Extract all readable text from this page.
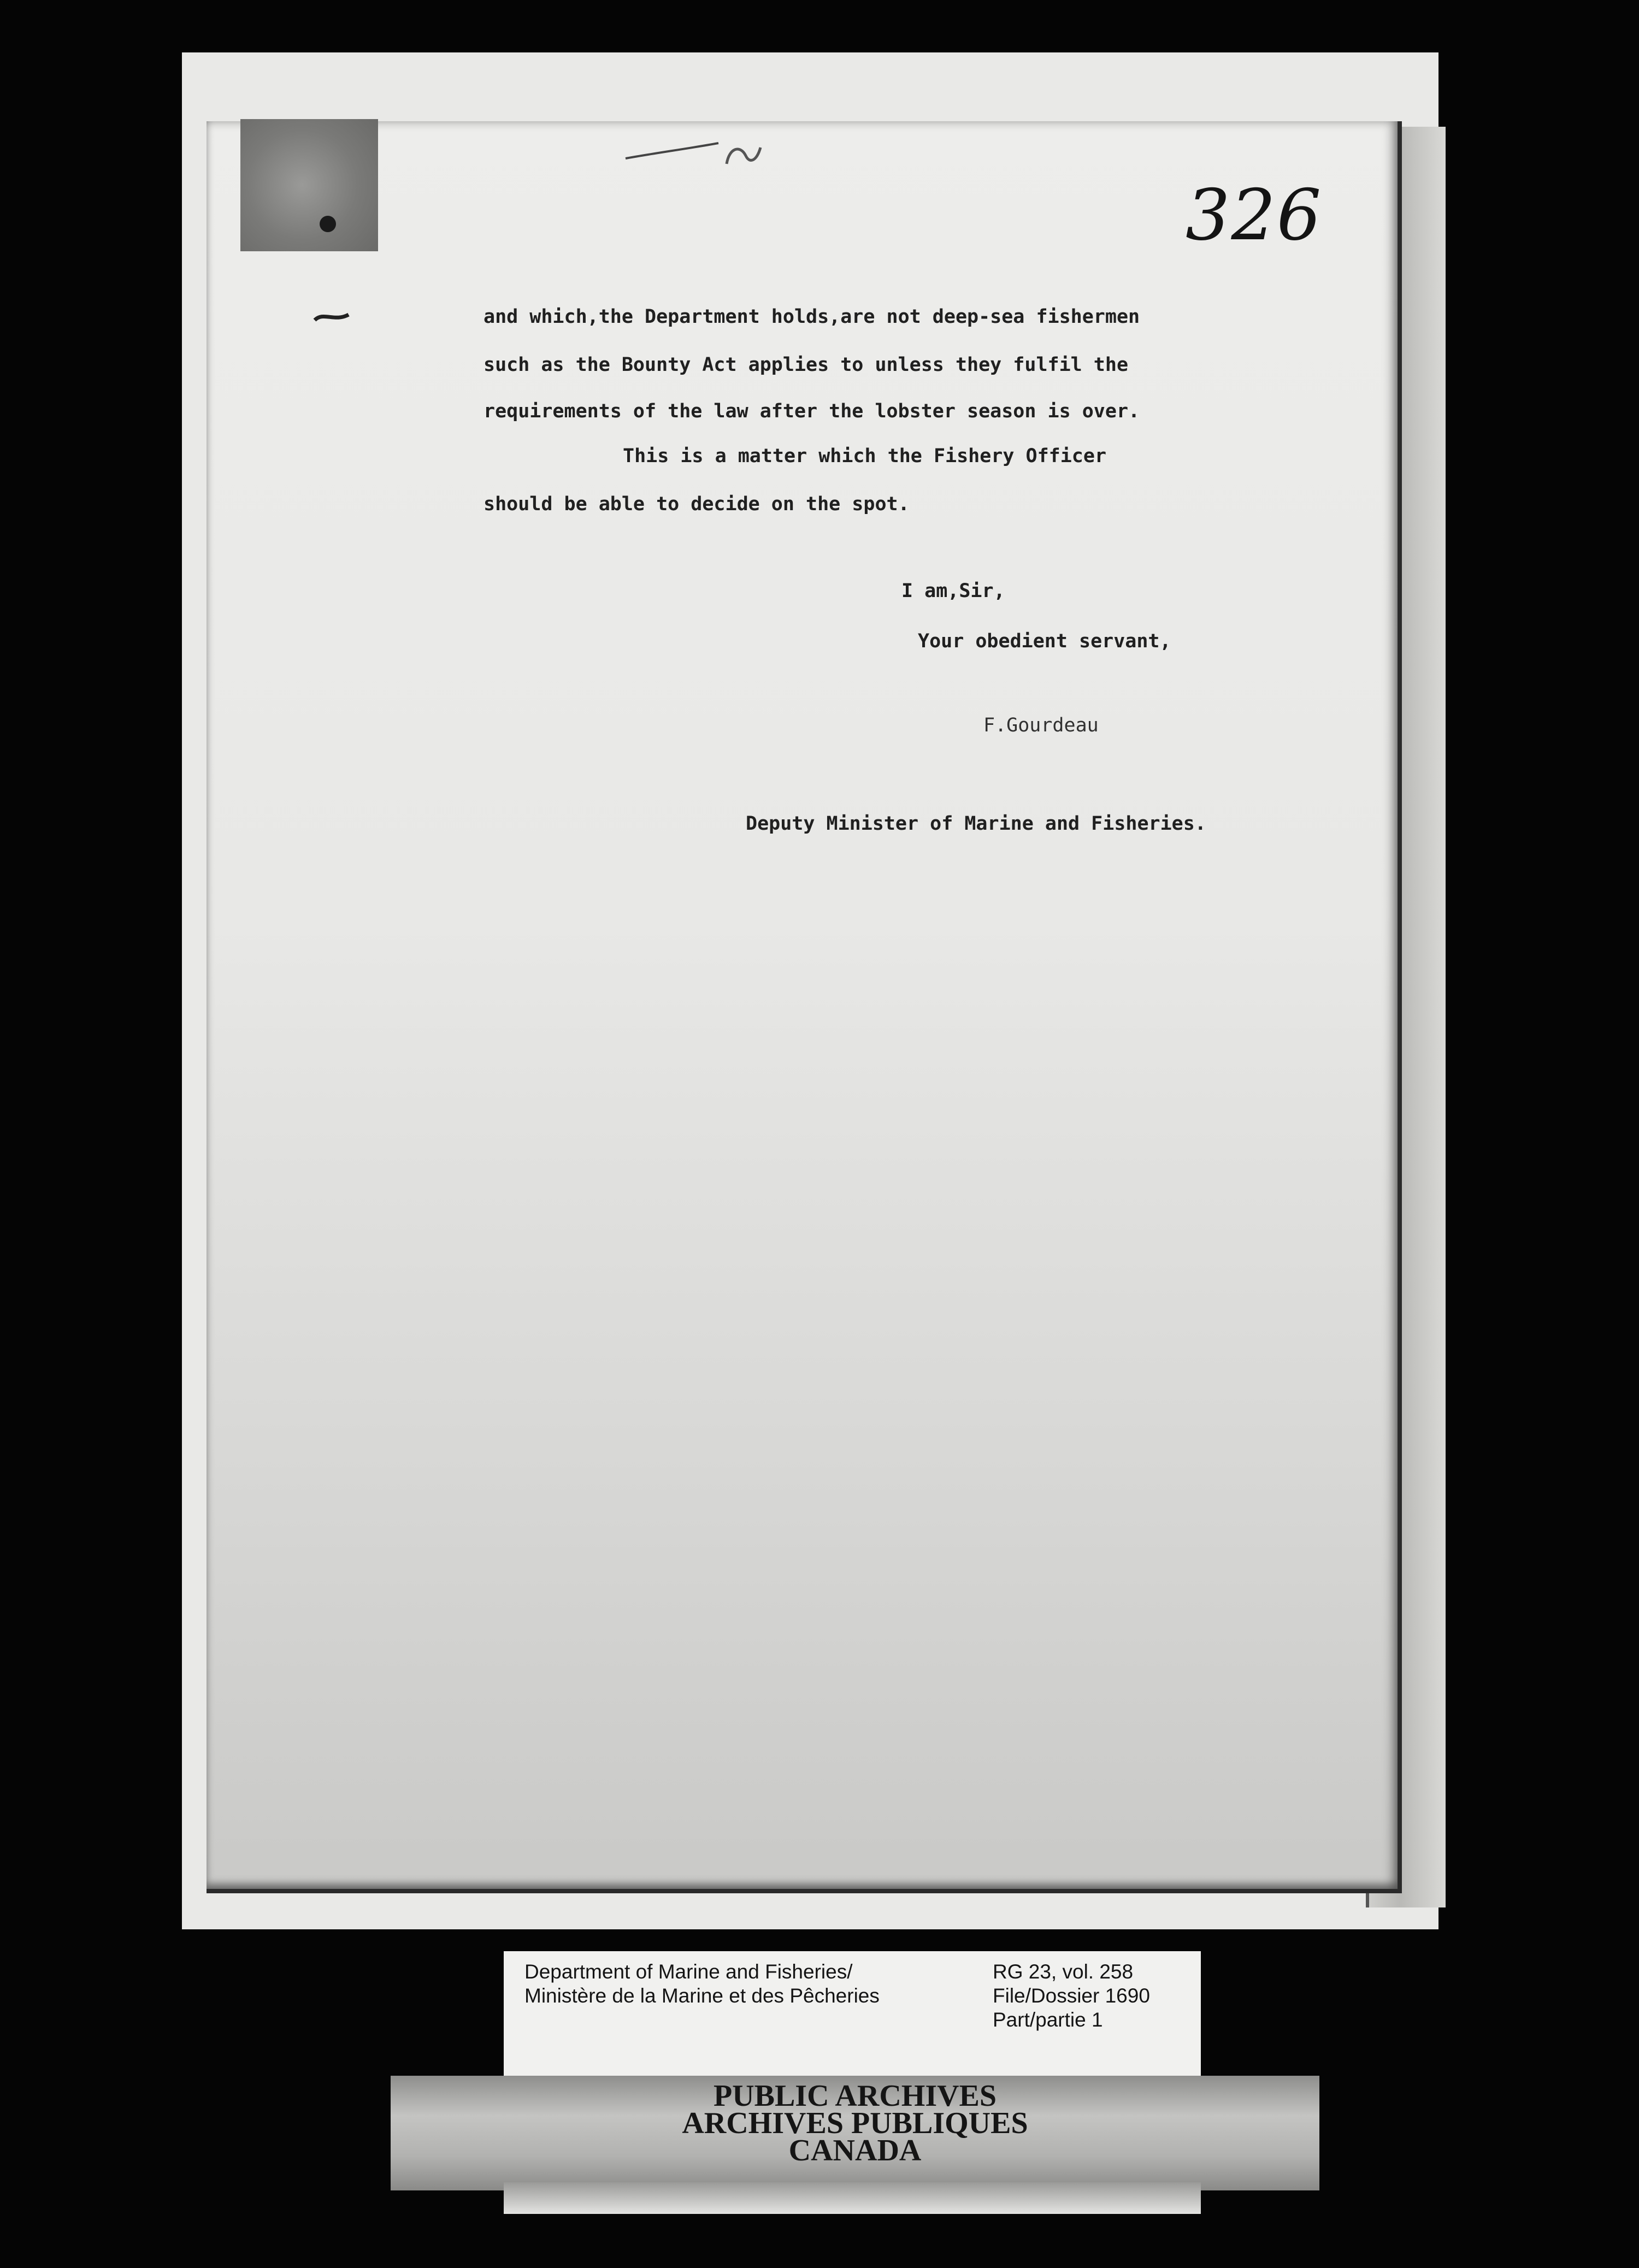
326
and which,the Department holds,are not deep-sea fishermen
such as the Bounty Act applies to unless they fulfil the
requirements of the law after the lobster season is over.
This is a matter which the Fishery Officer
should be able to decide on the spot.
I am,Sir,
Your obedient servant,
F.Gourdeau
Deputy Minister of Marine and Fisheries.
Department of Marine and Fisheries/
Ministère de la Marine et des Pêcheries
RG 23, vol. 258
File/Dossier 1690
Part/partie 1
PUBLIC ARCHIVES
ARCHIVES PUBLIQUES
CANADA
